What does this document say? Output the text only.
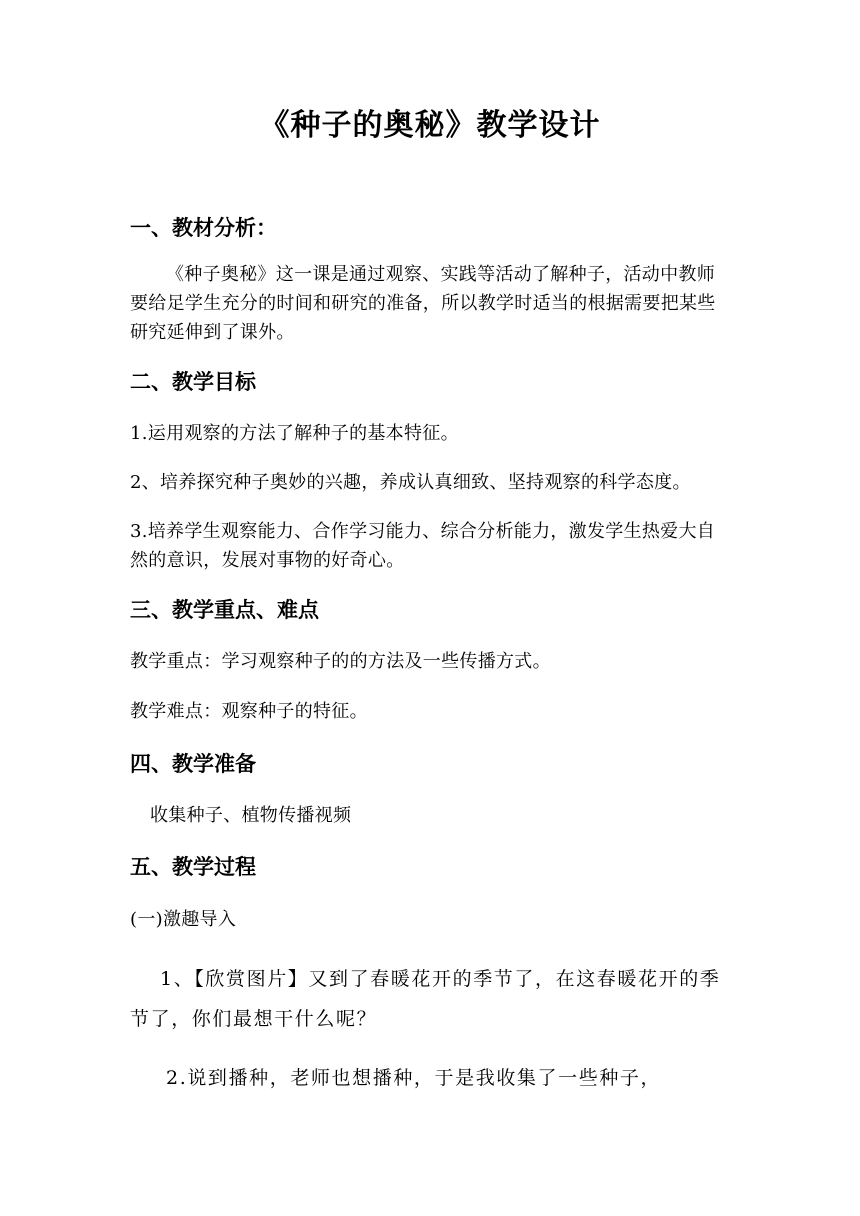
《种子的奥秘》教学设计
一、教材分析：
《种子奥秘》这一课是通过观察、实践等活动了解种子，活动中教师要给足学生充分的时间和研究的准备，所以教学时适当的根据需要把某些研究延伸到了课外。
二、教学目标
1.运用观察的方法了解种子的基本特征。
2、培养探究种子奥妙的兴趣，养成认真细致、坚持观察的科学态度。
3.培养学生观察能力、合作学习能力、综合分析能力，激发学生热爱大自然的意识，发展对事物的好奇心。
三、教学重点、难点
教学重点：学习观察种子的的方法及一些传播方式。
教学难点：观察种子的特征。
四、教学准备
收集种子、植物传播视频
五、教学过程
(一)激趣导入
1、【欣赏图片】又到了春暖花开的季节了，在这春暖花开的季节了，你们最想干什么呢？
2.说到播种，老师也想播种，于是我收集了一些种子，
